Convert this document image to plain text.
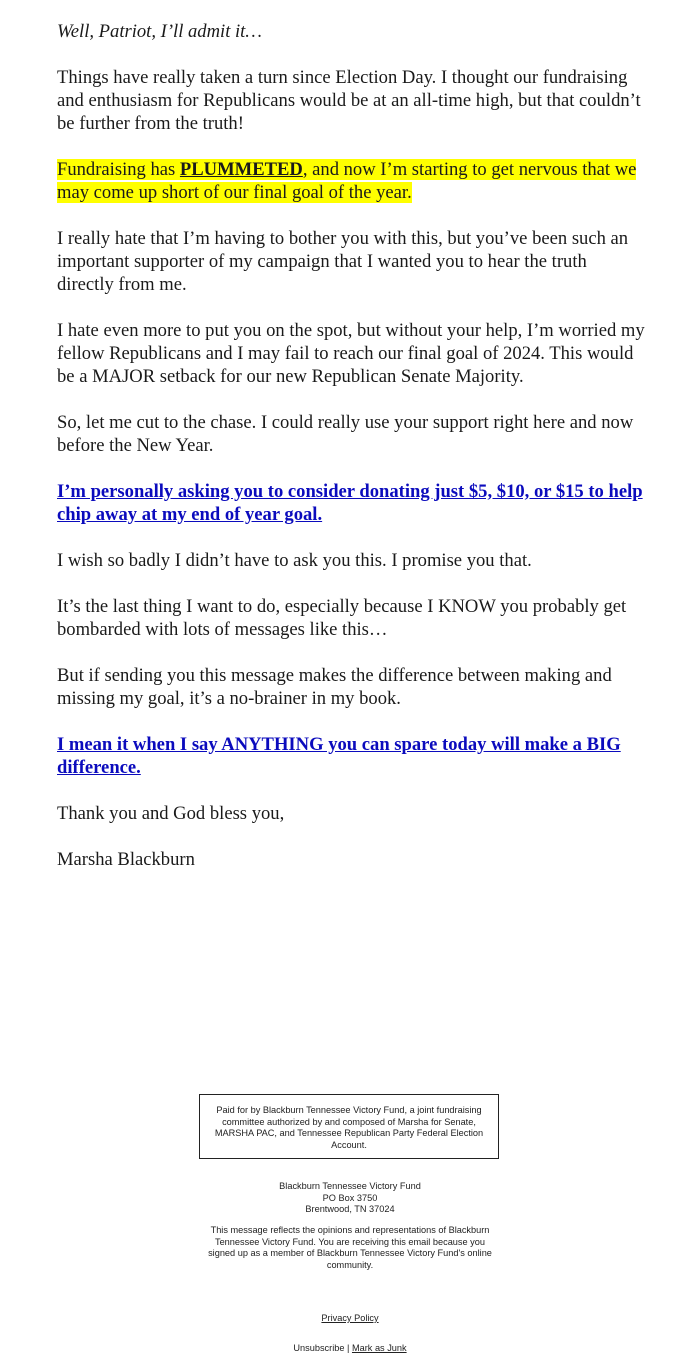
Well, Patriot, I’ll admit it…

Things have really taken a turn since Election Day. I thought our fundraising and enthusiasm for Republicans would be at an all-time high, but that couldn’t be further from the truth!

Fundraising has PLUMMETED, and now I’m starting to get nervous that we may come up short of our final goal of the year.

I really hate that I’m having to bother you with this, but you’ve been such an important supporter of my campaign that I wanted you to hear the truth directly from me.

I hate even more to put you on the spot, but without your help, I’m worried my fellow Republicans and I may fail to reach our final goal of 2024. This would be a MAJOR setback for our new Republican Senate Majority.

So, let me cut to the chase. I could really use your support right here and now before the New Year.

I’m personally asking you to consider donating just $5, $10, or $15 to help chip away at my end of year goal.

I wish so badly I didn’t have to ask you this. I promise you that.

It’s the last thing I want to do, especially because I KNOW you probably get bombarded with lots of messages like this…

But if sending you this message makes the difference between making and missing my goal, it’s a no-brainer in my book.

I mean it when I say ANYTHING you can spare today will make a BIG difference.

Thank you and God bless you,

Marsha Blackburn

Paid for by Blackburn Tennessee Victory Fund, a joint fundraising committee authorized by and composed of Marsha for Senate, MARSHA PAC, and Tennessee Republican Party Federal Election Account.
Blackburn Tennessee Victory Fund
PO Box 3750
Brentwood, TN 37024
This message reflects the opinions and representations of Blackburn Tennessee Victory Fund. You are receiving this email because you signed up as a member of Blackburn Tennessee Victory Fund's online community.
Privacy Policy
Unsubscribe | Mark as Junk
